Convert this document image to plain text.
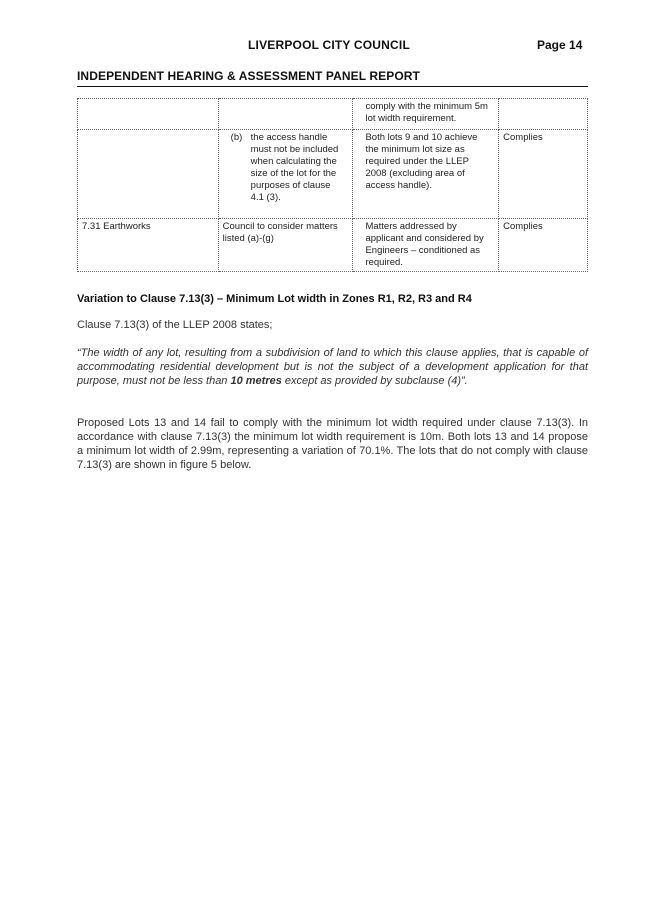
LIVERPOOL CITY COUNCIL	Page 14
INDEPENDENT HEARING & ASSESSMENT PANEL REPORT
		comply with the minimum 5m lot width requirement.	

	(b) the access handle must not be included when calculating the size of the lot for the purposes of clause 4.1 (3).	Both lots 9 and 10 achieve the minimum lot size as required under the LLEP 2008 (excluding area of access handle).	Complies
7.31 Earthworks	Council to consider matters listed (a)-(g)	Matters addressed by applicant and considered by Engineers – conditioned as required.	Complies
Variation to Clause 7.13(3) – Minimum Lot width in Zones R1, R2, R3 and R4

Clause 7.13(3) of the LLEP 2008 states;

“The width of any lot, resulting from a subdivision of land to which this clause applies, that is capable of accommodating residential development but is not the subject of a development application for that purpose, must not be less than 10 metres except as provided by subclause (4)”.

Proposed Lots 13 and 14 fail to comply with the minimum lot width required under clause 7.13(3). In accordance with clause 7.13(3) the minimum lot width requirement is 10m. Both lots 13 and 14 propose a minimum lot width of 2.99m, representing a variation of 70.1%. The lots that do not comply with clause 7.13(3) are shown in figure 5 below.
